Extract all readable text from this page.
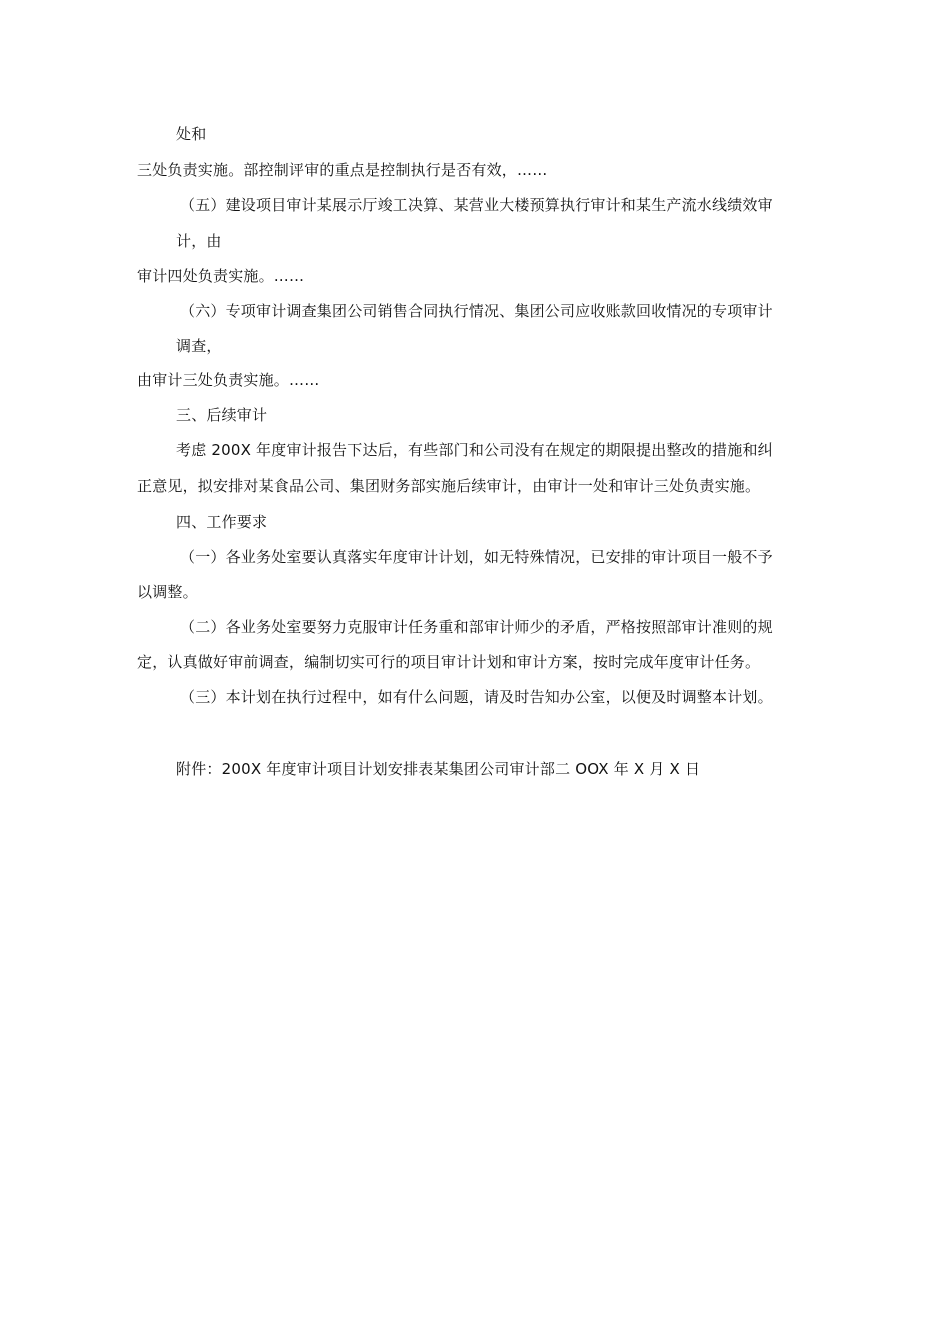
处和
三处负责实施。部控制评审的重点是控制执行是否有效，……
（五）建设项目审计某展示厅竣工决算、某营业大楼预算执行审计和某生产流水线绩效审
计，由
审计四处负责实施。……
（六）专项审计调查集团公司销售合同执行情况、集团公司应收账款回收情况的专项审计
调查，
由审计三处负责实施。……
三、后续审计
考虑 200X 年度审计报告下达后，有些部门和公司没有在规定的期限提出整改的措施和纠
正意见，拟安排对某食品公司、集团财务部实施后续审计，由审计一处和审计三处负责实施。
四、工作要求
（一）各业务处室要认真落实年度审计计划，如无特殊情况，已安排的审计项目一般不予
以调整。
（二）各业务处室要努力克服审计任务重和部审计师少的矛盾，严格按照部审计准则的规
定，认真做好审前调查，编制切实可行的项目审计计划和审计方案，按时完成年度审计任务。
（三）本计划在执行过程中，如有什么问题，请及时告知办公室，以便及时调整本计划。
附件：200X 年度审计项目计划安排表某集团公司审计部二 OOX 年 X 月 X 日
